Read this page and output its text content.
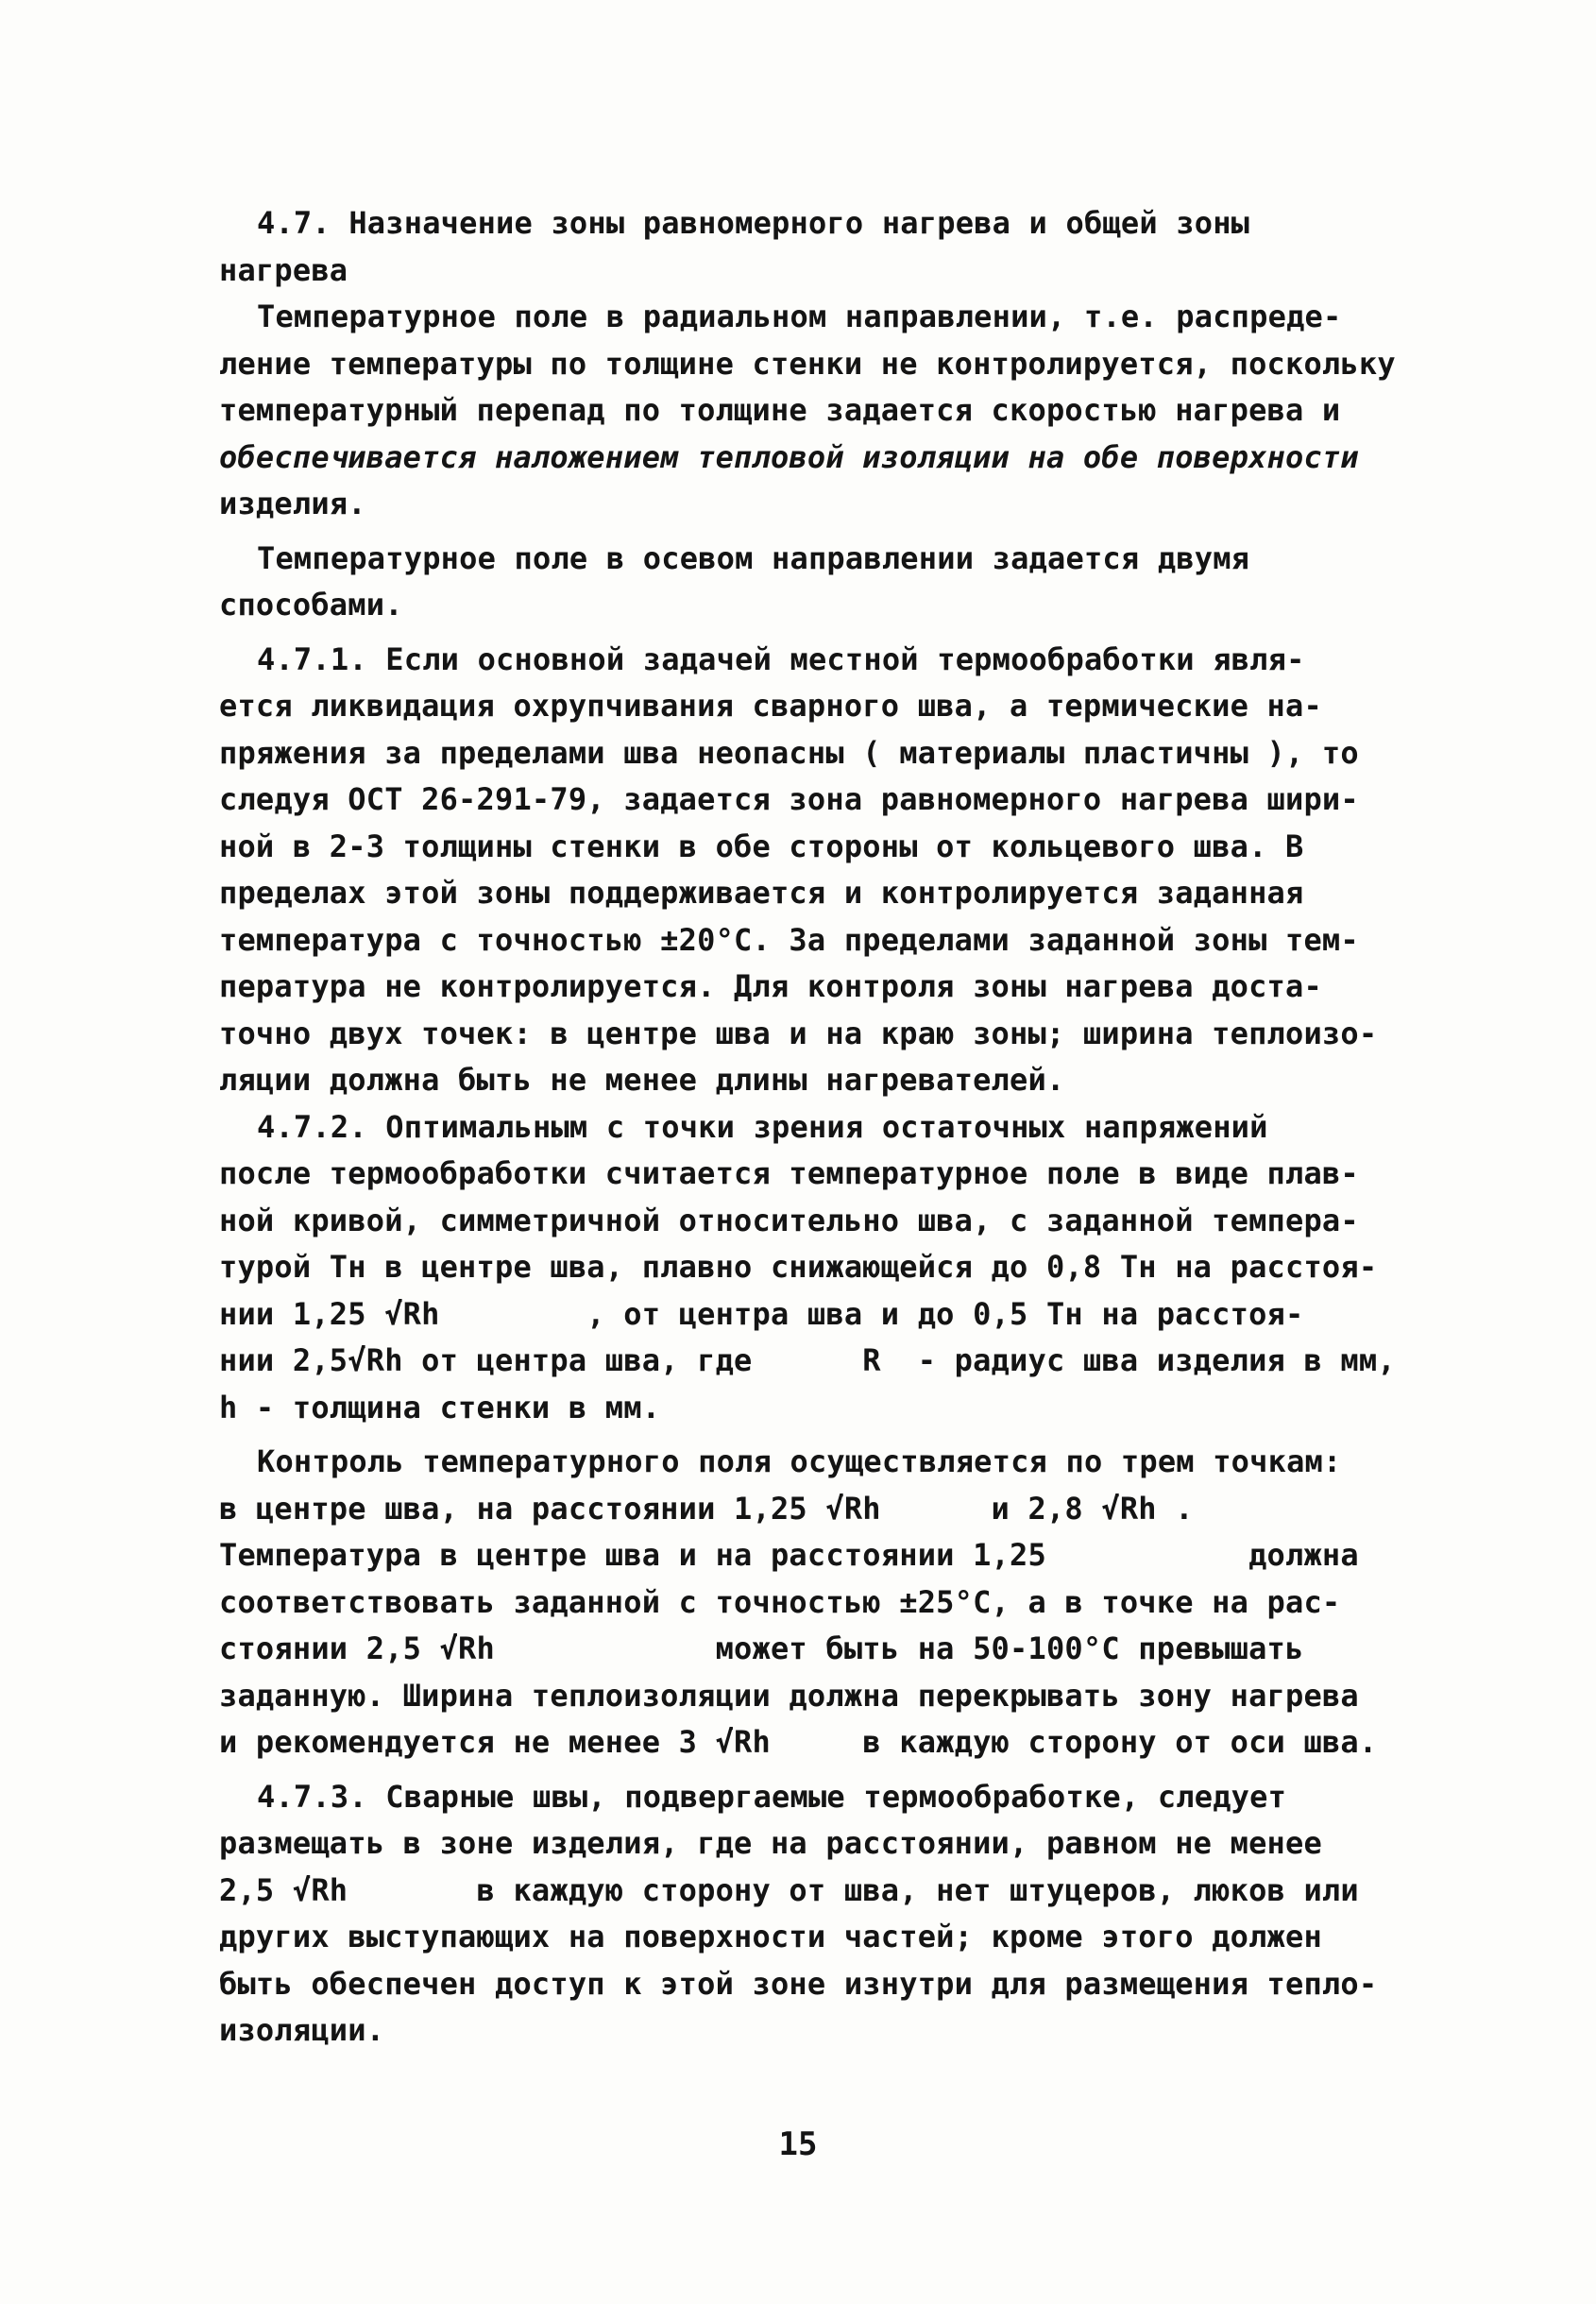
4.7. Назначение зоны равномерного нагрева и общей зоны
нагрева
Температурное поле в радиальном направлении, т.е. распреде-
ление температуры по толщине стенки не контролируется, поскольку
температурный перепад по толщине задается скоростью нагрева и
обеспечивается наложением тепловой изоляции на обе поверхности
изделия.
Температурное поле в осевом направлении задается двумя
способами.
4.7.1. Если основной задачей местной термообработки явля-
ется ликвидация охрупчивания сварного шва, а термические на-
пряжения за пределами шва неопасны ( материалы пластичны ), то
следуя ОСТ 26-291-79, задается зона равномерного нагрева шири-
ной в 2-3 толщины стенки в обе стороны от кольцевого шва. В
пределах этой зоны поддерживается и контролируется заданная
температура с точностью ±20°С. За пределами заданной зоны тем-
пература не контролируется. Для контроля зоны нагрева доста-
точно двух точек: в центре шва и на краю зоны; ширина теплоизо-
ляции должна быть не менее длины нагревателей.
4.7.2. Оптимальным с точки зрения остаточных напряжений
после термообработки считается температурное поле в виде плав-
ной кривой, симметричной относительно шва, с заданной темпера-
турой Тн в центре шва, плавно снижающейся до 0,8 Тн на расстоя-
нии 1,25 √Rh        , от центра шва и до 0,5 Тн на расстоя-
нии 2,5√Rh от центра шва, где      R  - радиус шва изделия в мм,
h - толщина стенки в мм.
Контроль температурного поля осуществляется по трем точкам:
в центре шва, на расстоянии 1,25 √Rh      и 2,8 √Rh .
Температура в центре шва и на расстоянии 1,25           должна
соответствовать заданной с точностью ±25°С, а в точке на рас-
стоянии 2,5 √Rh            может быть на 50-100°С превышать
заданную. Ширина теплоизоляции должна перекрывать зону нагрева
и рекомендуется не менее 3 √Rh     в каждую сторону от оси шва.
4.7.3. Сварные швы, подвергаемые термообработке, следует
размещать в зоне изделия, где на расстоянии, равном не менее
2,5 √Rh       в каждую сторону от шва, нет штуцеров, люков или
других выступающих на поверхности частей; кроме этого должен
быть обеспечен доступ к этой зоне изнутри для размещения тепло-
изоляции.
15
